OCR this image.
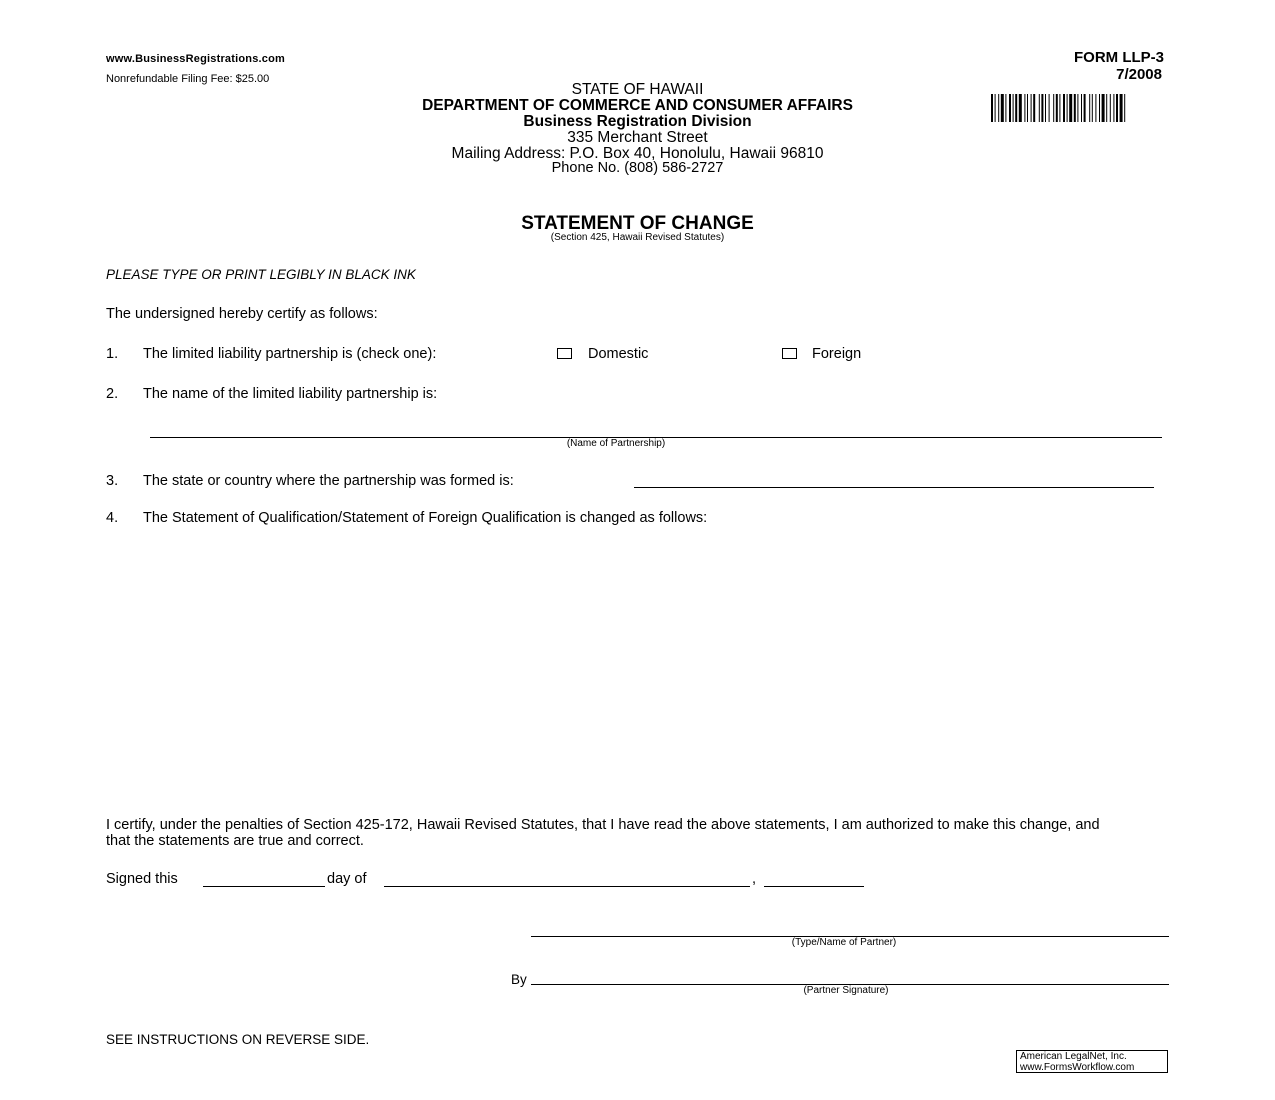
www.BusinessRegistrations.com
Nonrefundable Filing Fee: $25.00
FORM LLP-3
7/2008
STATE OF HAWAII
DEPARTMENT OF COMMERCE AND CONSUMER AFFAIRS
Business Registration Division
335 Merchant Street
Mailing Address: P.O. Box 40, Honolulu, Hawaii 96810
Phone No. (808) 586-2727
STATEMENT OF CHANGE
(Section 425, Hawaii Revised Statutes)
PLEASE TYPE OR PRINT LEGIBLY IN BLACK INK
The undersigned hereby certify as follows:
1. The limited liability partnership is (check one):	Domestic	Foreign
2. The name of the limited liability partnership is:
(Name of Partnership)
3. The state or country where the partnership was formed is:
4. The Statement of Qualification/Statement of Foreign Qualification is changed as follows:
I certify, under the penalties of Section 425-172, Hawaii Revised Statutes, that I have read the above statements, I am authorized to make this change, and that the statements are true and correct.
Signed this	day of	,
(Type/Name of Partner)
By
(Partner Signature)
SEE INSTRUCTIONS ON REVERSE SIDE.
American LegalNet, Inc.
www.FormsWorkflow.com
